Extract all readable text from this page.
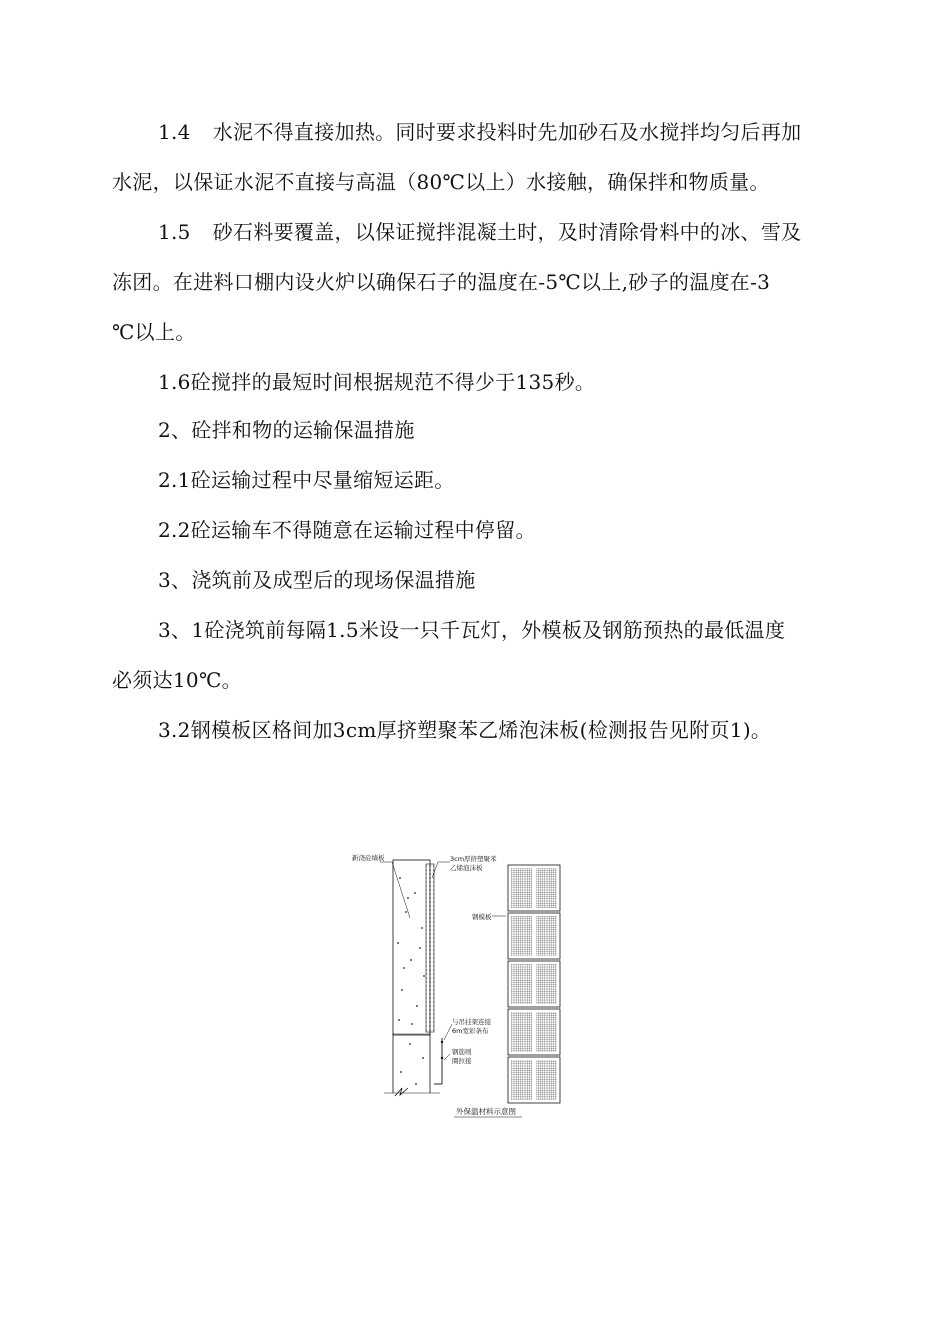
1.4 水泥不得直接加热。同时要求投料时先加砂石及水搅拌均匀后再加
水泥，以保证水泥不直接与高温（80℃以上）水接触，确保拌和物质量。
1.5 砂石料要覆盖，以保证搅拌混凝土时，及时清除骨料中的冰、雪及
冻团。在进料口棚内设火炉以确保石子的温度在-5℃以上,砂子的温度在-3
℃以上。
1.6砼搅拌的最短时间根据规范不得少于135秒。
2、砼拌和物的运输保温措施
2.1砼运输过程中尽量缩短运距。
2.2砼运输车不得随意在运输过程中停留。
3、浇筑前及成型后的现场保温措施
3、1砼浇筑前每隔1.5米设一只千瓦灯，外模板及钢筋预热的最低温度
必须达10℃。
3.2钢模板区格间加3cm厚挤塑聚苯乙烯泡沫板(检测报告见附页1)。
新浇砼墙板	3cm厚挤塑聚苯
乙烯泡沫板
钢模板
与吊挂架连接
6m宽彩条布
钢筋则
圈拉接
外保温材料示意图
